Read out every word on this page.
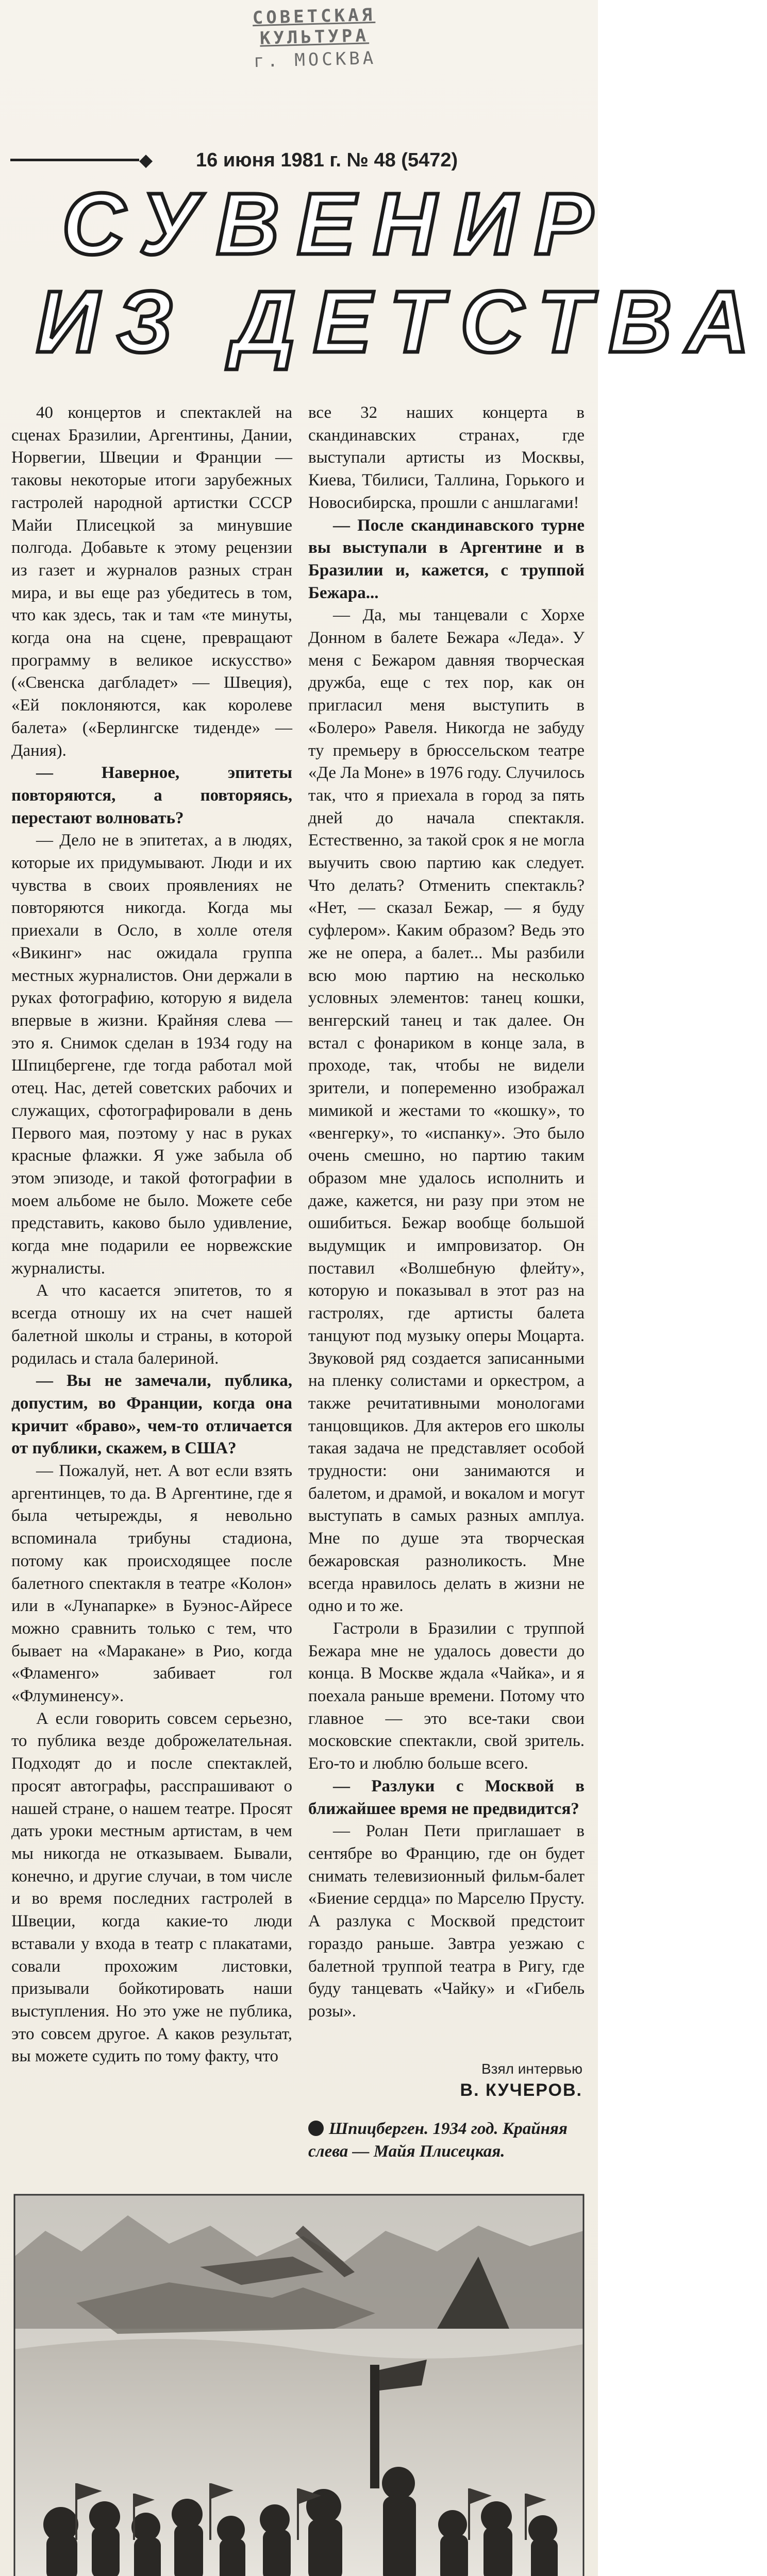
СОВЕТСКАЯ КУЛЬТУРА
г. МОСКВА
◆ 16 июня 1981 г. № 48 (5472)
СУВЕНИР
ИЗ ДЕТСТВА

40 концертов и спектаклей на сценах Бразилии, Аргентины, Дании, Норвегии, Швеции и Франции — таковы некоторые итоги зарубежных гастролей народной артистки СССР Майи Плисецкой за минувшие полгода. Добавьте к этому рецензии из газет и журналов разных стран мира, и вы еще раз убедитесь в том, что как здесь, так и там «те минуты, когда она на сцене, превращают программу в великое искусство» («Свенска дагбладет» — Швеция), «Ей поклоняются, как королеве балета» («Берлингске тиденде» — Дания).

— Наверное, эпитеты повторяются, а повторяясь, перестают волновать?

— Дело не в эпитетах, а в людях, которые их придумывают. Люди и их чувства в своих проявлениях не повторяются никогда. Когда мы приехали в Осло, в холле отеля «Викинг» нас ожидала группа местных журналистов. Они держали в руках фотографию, которую я видела впервые в жизни. Крайняя слева — это я. Снимок сделан в 1934 году на Шпицбергене, где тогда работал мой отец. Нас, детей советских рабочих и служащих, сфотографировали в день Первого мая, поэтому у нас в руках красные флажки. Я уже забыла об этом эпизоде, и такой фотографии в моем альбоме не было. Можете себе представить, каково было удивление, когда мне подарили ее норвежские журналисты.

А что касается эпитетов, то я всегда отношу их на счет нашей балетной школы и страны, в которой родилась и стала балериной.

— Вы не замечали, публика, допустим, во Франции, когда она кричит «браво», чем-то отличается от публики, скажем, в США?

— Пожалуй, нет. А вот если взять аргентинцев, то да. В Аргентине, где я была четырежды, я невольно вспоминала трибуны стадиона, потому как происходящее после балетного спектакля в театре «Колон» или в «Лунапарке» в Буэнос-Айресе можно сравнить только с тем, что бывает на «Маракане» в Рио, когда «Фламенго» забивает гол «Флуминенсу».

А если говорить совсем серьезно, то публика везде доброжелательная. Подходят до и после спектаклей, просят автографы, расспрашивают о нашей стране, о нашем театре. Просят дать уроки местным артистам, в чем мы никогда не отказываем. Бывали, конечно, и другие случаи, в том числе и во время последних гастролей в Швеции, когда какие-то люди вставали у входа в театр с плакатами, совали прохожим листовки, призывали бойкотировать наши выступления. Но это уже не публика, это совсем другое. А каков результат, вы можете судить по тому факту, что

все 32 наших концерта в скандинавских странах, где выступали артисты из Москвы, Киева, Тбилиси, Таллина, Горького и Новосибирска, прошли с аншлагами!

— После скандинавского турне вы выступали в Аргентине и в Бразилии и, кажется, с труппой Бежара...

— Да, мы танцевали с Хорхе Донном в балете Бежара «Леда». У меня с Бежаром давняя творческая дружба, еще с тех пор, как он пригласил меня выступить в «Болеро» Равеля. Никогда не забуду ту премьеру в брюссельском театре «Де Ла Моне» в 1976 году. Случилось так, что я приехала в город за пять дней до начала спектакля. Естественно, за такой срок я не могла выучить свою партию как следует. Что делать? Отменить спектакль? «Нет, — сказал Бежар, — я буду суфлером». Каким образом? Ведь это же не опера, а балет... Мы разбили всю мою партию на несколько условных элементов: танец кошки, венгерский танец и так далее. Он встал с фонариком в конце зала, в проходе, так, чтобы не видели зрители, и попеременно изображал мимикой и жестами то «кошку», то «венгерку», то «испанку». Это было очень смешно, но партию таким образом мне удалось исполнить и даже, кажется, ни разу при этом не ошибиться. Бежар вообще большой выдумщик и импровизатор. Он поставил «Волшебную флейту», которую и показывал в этот раз на гастролях, где артисты балета танцуют под музыку оперы Моцарта. Звуковой ряд создается записанными на пленку солистами и оркестром, а также речитативными монологами танцовщиков. Для актеров его школы такая задача не представляет особой трудности: они занимаются и балетом, и драмой, и вокалом и могут выступать в самых разных амплуа. Мне по душе эта творческая бежаровская разноликость. Мне всегда нравилось делать в жизни не одно и то же.

Гастроли в Бразилии с труппой Бежара мне не удалось довести до конца. В Москве ждала «Чайка», и я поехала раньше времени. Потому что главное — это все-таки свои московские спектакли, свой зритель. Его-то и люблю больше всего.

— Разлуки с Москвой в ближайшее время не предвидится?

— Ролан Пети приглашает в сентябре во Францию, где он будет снимать телевизионный фильм-балет «Биение сердца» по Марселю Прусту. А разлука с Москвой предстоит гораздо раньше. Завтра уезжаю с балетной труппой театра в Ригу, где буду танцевать «Чайку» и «Гибель розы».

Взял интервью
В. КУЧЕРОВ.
Шпицберген. 1934 год. Крайняя слева — Майя Плисецкая.
